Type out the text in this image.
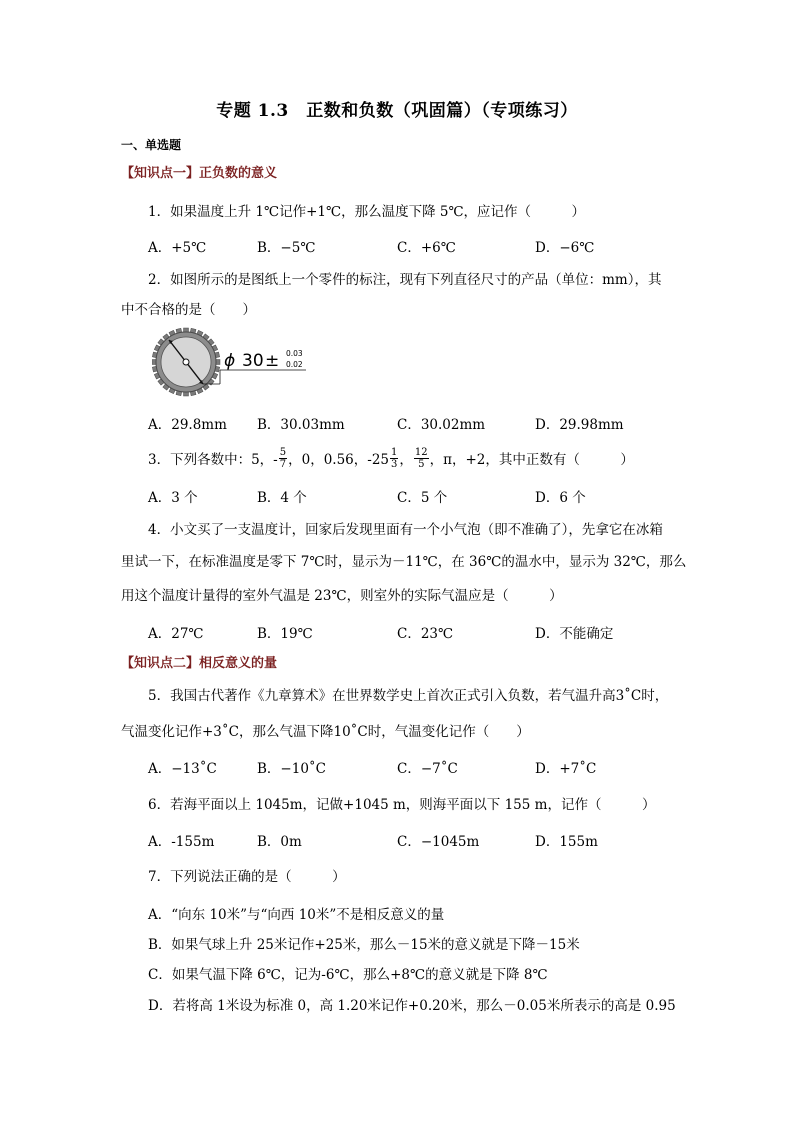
专题 1.3　正数和负数（巩固篇）（专项练习）
一、单选题
【知识点一】正负数的意义
1．如果温度上升 1℃记作+1℃，那么温度下降 5℃，应记作（　　　）
A．+5℃	B．−5℃	C．+6℃	D．−6℃
2．如图所示的是图纸上一个零件的标注，现有下列直径尺寸的产品（单位：mm），其
中不合格的是（　　）
ϕ 30 ± 0.03
0.02
A．29.8mm B．30.03mm	C．30.02mm	D．29.98mm
3．下列各数中：5，- $\frac{5}{7}$ ，0，0.56，$-25 \frac{1}{3}$ ， $\frac{12}{5}$ ，π，+2，其中正数有（　　　）
A．3 个	B．4 个	C．5 个	D．6 个
4．小文买了一支温度计，回家后发现里面有一个小气泡（即不准确了），先拿它在冰箱
里试一下，在标准温度是零下 7℃时，显示为－11℃，在 36℃的温水中，显示为 32℃，那么
用这个温度计量得的室外气温是 23℃，则室外的实际气温应是（　　　）
A．27℃	B．19℃	C．23℃	D．不能确定
【知识点二】相反意义的量
5．我国古代著作《九章算术》在世界数学史上首次正式引入负数，若气温升高3˚C时，
气温变化记作+3˚C，那么气温下降10˚C时，气温变化记作（　　）
A．−13˚C	B．−10˚C	C．−7˚C	D．+7˚C
6．若海平面以上 1045m，记做+1045 m，则海平面以下 155 m，记作（　　　）
A．-155m	B．0m	C．−1045m	D．155m
7．下列说法正确的是（　　　）
A．“向东 10米”与“向西 10米”不是相反意义的量
B．如果气球上升 25米记作+25米，那么－15米的意义就是下降－15米
C．如果气温下降 6℃，记为-6℃，那么+8℃的意义就是下降 8℃
D．若将高 1米设为标准 0，高 1.20米记作+0.20米，那么－0.05米所表示的高是 0.95
